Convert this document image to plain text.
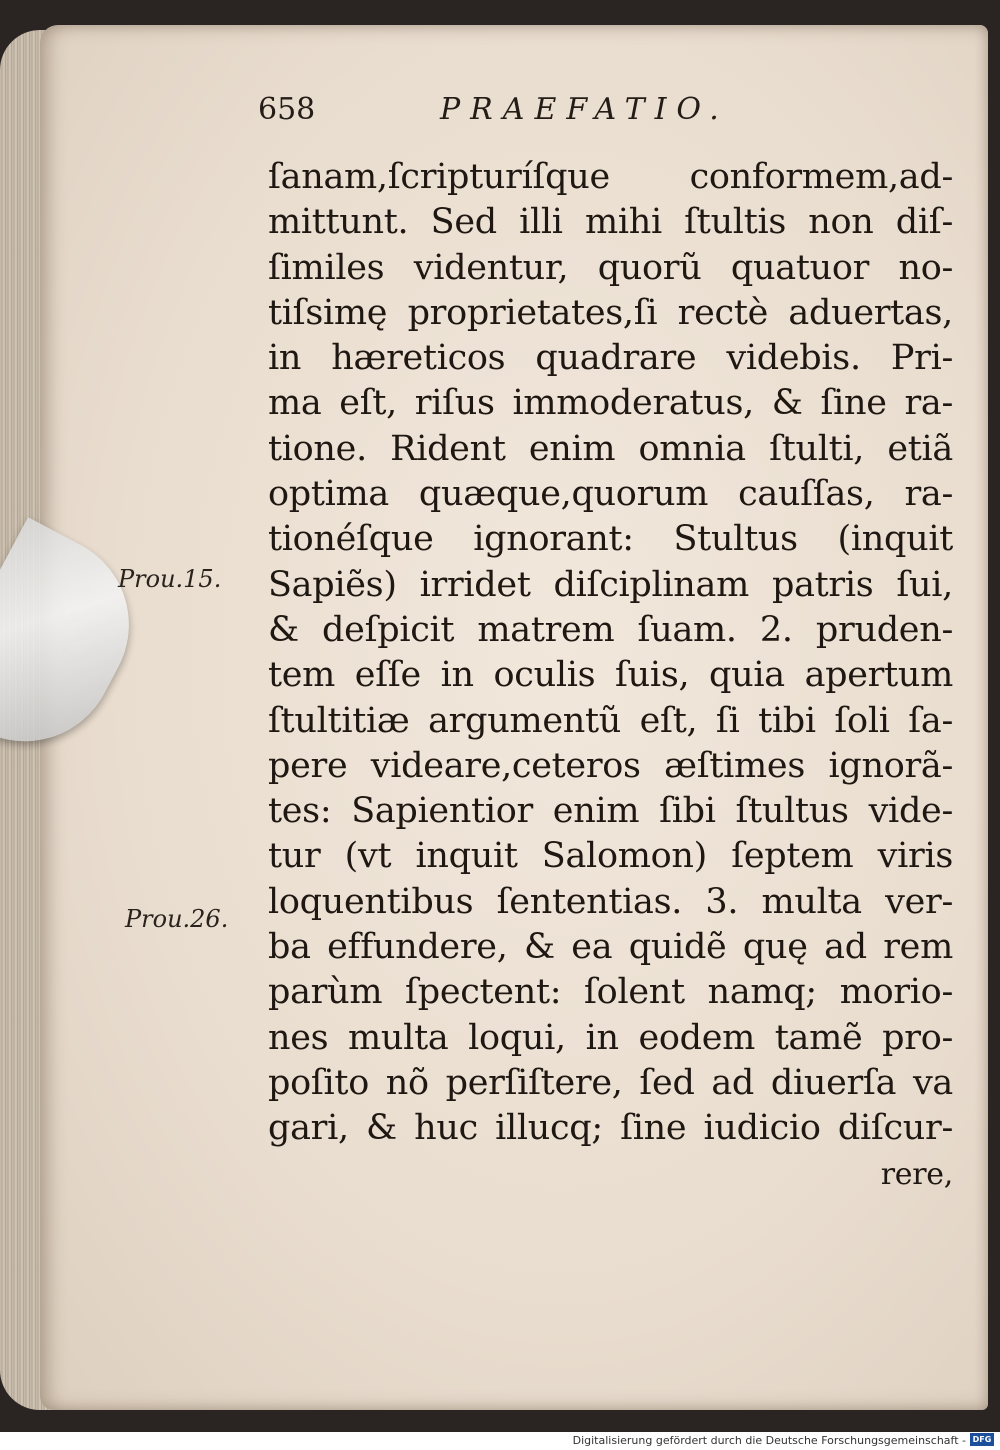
658	PRAEFATIO.
Prou.15.
Prou.26.
ſanam,ſcripturíſque conformem,ad-
mittunt. Sed illi mihi ſtultis non diſ-
ſimiles videntur, quorũ quatuor no-
tiſsimę proprietates,ſi rectè aduertas,
in hæreticos quadrare videbis. Pri-
ma eſt, riſus immoderatus, & ſine ra-
tione. Rident enim omnia ſtulti, etiã
optima quæque,quorum cauſſas, ra-
tionéſque ignorant: Stultus (inquit
Sapiẽs) irridet diſciplinam patris ſui,
& deſpicit matrem ſuam. 2. pruden-
tem eſſe in oculis ſuis, quia apertum
ſtultitiæ argumentũ eſt, ſi tibi ſoli ſa-
pere videare,ceteros æſtimes ignorã-
tes: Sapientior enim ſibi ſtultus vide-
tur (vt inquit Salomon) ſeptem viris
loquentibus ſententias. 3. multa ver-
ba effundere, & ea quidẽ quę ad rem
parùm ſpectent: ſolent namq; morio-
nes multa loqui, in eodem tamẽ pro-
poſito nõ perſiſtere, ſed ad diuerſa va
gari, & huc illucq; ſine iudicio diſcur-
rere,
Digitalisierung gefördert durch die Deutsche Forschungsgemeinschaft - DFG
